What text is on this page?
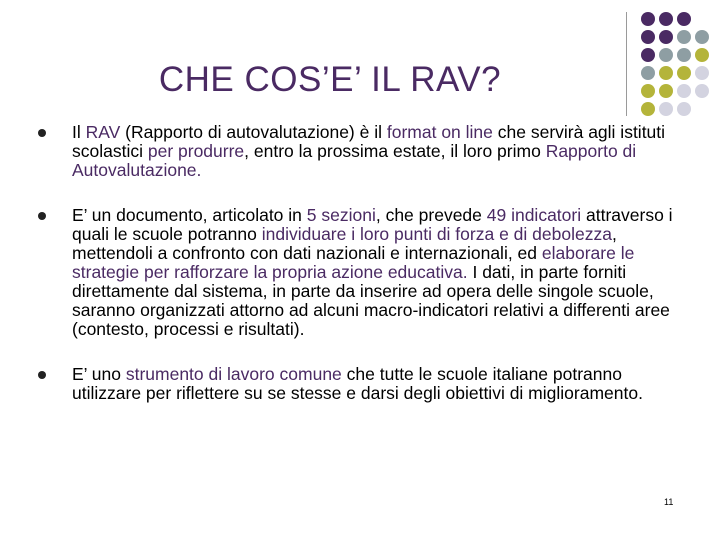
CHE COS’E’ IL RAV?
Il RAV (Rapporto di autovalutazione) è il format on line che servirà agli istituti scolastici per produrre, entro la prossima estate, il loro primo Rapporto di Autovalutazione.
E’ un documento, articolato in 5 sezioni, che prevede 49 indicatori attraverso i quali le scuole potranno individuare i loro punti di forza e di debolezza, mettendoli a confronto con dati nazionali e internazionali, ed elaborare le strategie per rafforzare la propria azione educativa. I dati, in parte forniti direttamente dal sistema, in parte da inserire ad opera delle singole scuole, saranno organizzati attorno ad alcuni macro-indicatori relativi a differenti aree (contesto, processi e risultati).
E’ uno strumento di lavoro comune che tutte le scuole italiane potranno utilizzare per riflettere su se stesse e darsi degli obiettivi di miglioramento.
11
